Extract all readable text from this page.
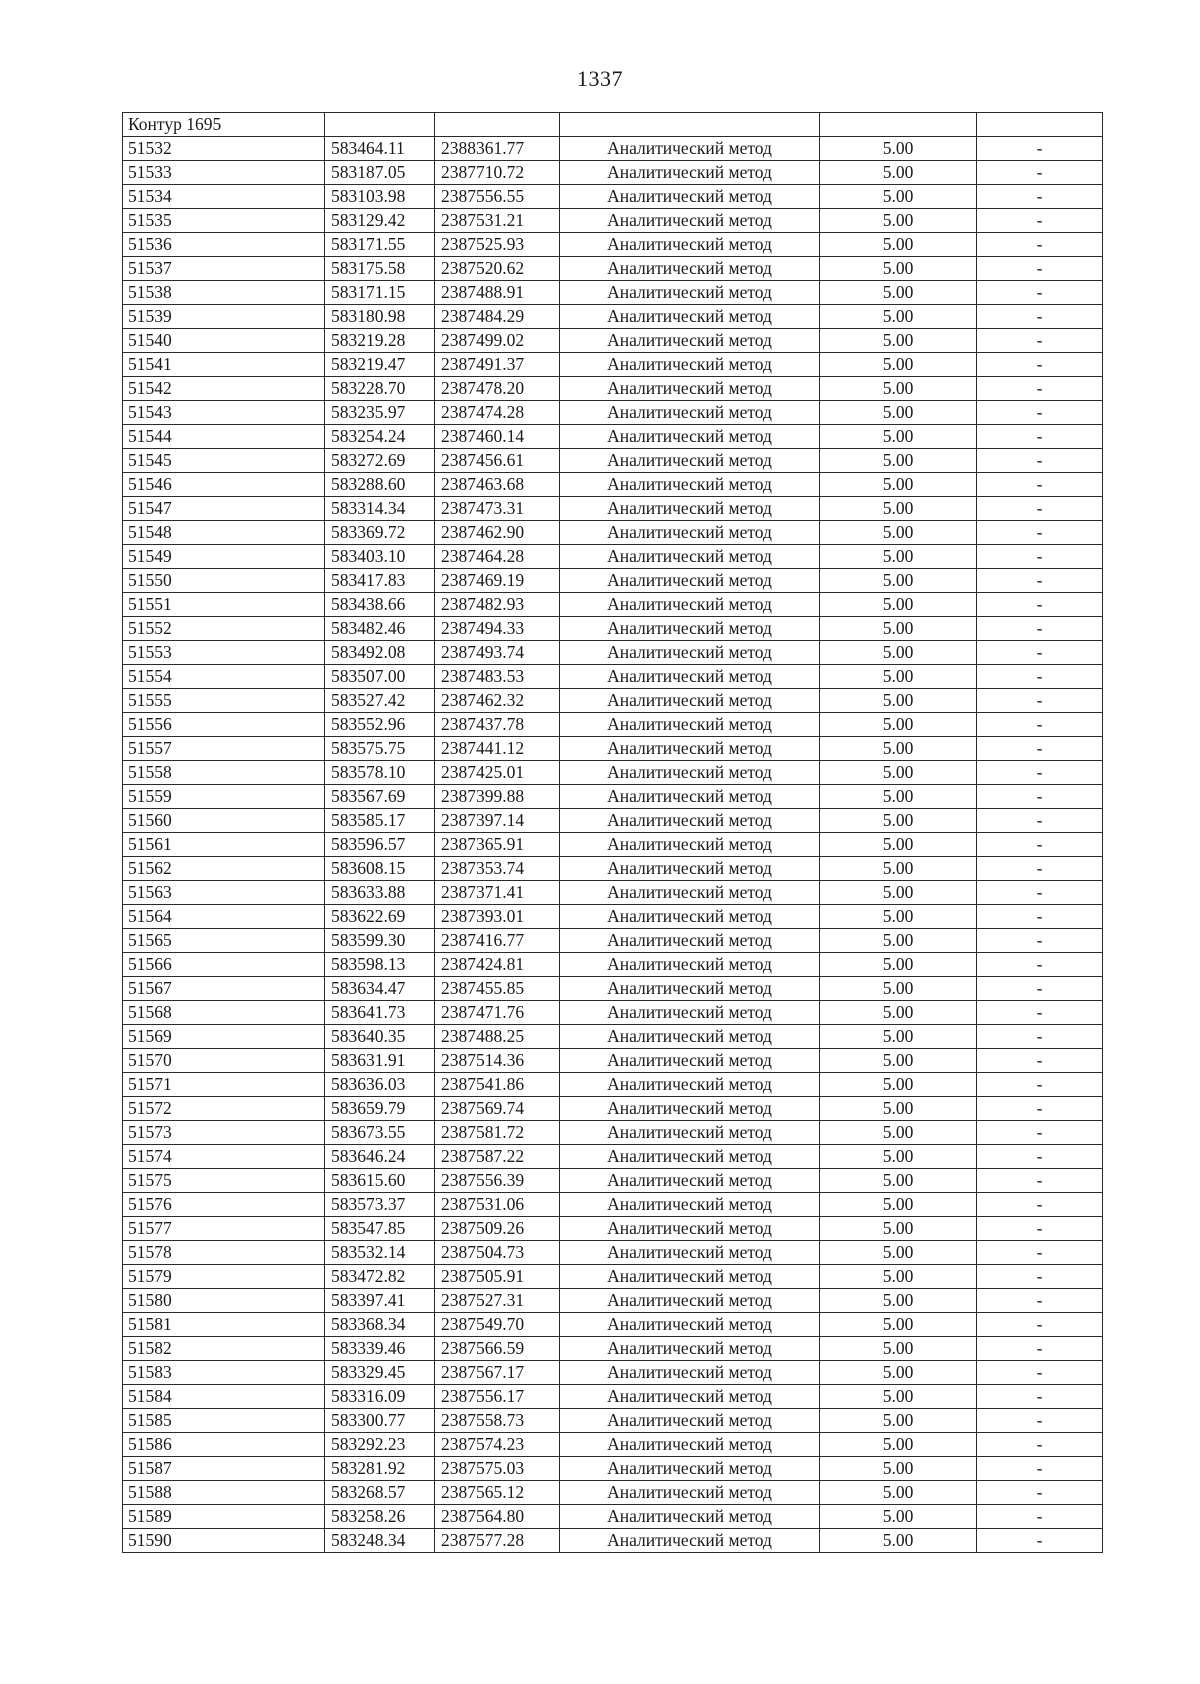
1337
Контур 1695					
51532	583464.11	2388361.77	Аналитический метод	5.00	-
51533	583187.05	2387710.72	Аналитический метод	5.00	-
51534	583103.98	2387556.55	Аналитический метод	5.00	-
51535	583129.42	2387531.21	Аналитический метод	5.00	-
51536	583171.55	2387525.93	Аналитический метод	5.00	-
51537	583175.58	2387520.62	Аналитический метод	5.00	-
51538	583171.15	2387488.91	Аналитический метод	5.00	-
51539	583180.98	2387484.29	Аналитический метод	5.00	-
51540	583219.28	2387499.02	Аналитический метод	5.00	-
51541	583219.47	2387491.37	Аналитический метод	5.00	-
51542	583228.70	2387478.20	Аналитический метод	5.00	-
51543	583235.97	2387474.28	Аналитический метод	5.00	-
51544	583254.24	2387460.14	Аналитический метод	5.00	-
51545	583272.69	2387456.61	Аналитический метод	5.00	-
51546	583288.60	2387463.68	Аналитический метод	5.00	-
51547	583314.34	2387473.31	Аналитический метод	5.00	-
51548	583369.72	2387462.90	Аналитический метод	5.00	-
51549	583403.10	2387464.28	Аналитический метод	5.00	-
51550	583417.83	2387469.19	Аналитический метод	5.00	-
51551	583438.66	2387482.93	Аналитический метод	5.00	-
51552	583482.46	2387494.33	Аналитический метод	5.00	-
51553	583492.08	2387493.74	Аналитический метод	5.00	-
51554	583507.00	2387483.53	Аналитический метод	5.00	-
51555	583527.42	2387462.32	Аналитический метод	5.00	-
51556	583552.96	2387437.78	Аналитический метод	5.00	-
51557	583575.75	2387441.12	Аналитический метод	5.00	-
51558	583578.10	2387425.01	Аналитический метод	5.00	-
51559	583567.69	2387399.88	Аналитический метод	5.00	-
51560	583585.17	2387397.14	Аналитический метод	5.00	-
51561	583596.57	2387365.91	Аналитический метод	5.00	-
51562	583608.15	2387353.74	Аналитический метод	5.00	-
51563	583633.88	2387371.41	Аналитический метод	5.00	-
51564	583622.69	2387393.01	Аналитический метод	5.00	-
51565	583599.30	2387416.77	Аналитический метод	5.00	-
51566	583598.13	2387424.81	Аналитический метод	5.00	-
51567	583634.47	2387455.85	Аналитический метод	5.00	-
51568	583641.73	2387471.76	Аналитический метод	5.00	-
51569	583640.35	2387488.25	Аналитический метод	5.00	-
51570	583631.91	2387514.36	Аналитический метод	5.00	-
51571	583636.03	2387541.86	Аналитический метод	5.00	-
51572	583659.79	2387569.74	Аналитический метод	5.00	-
51573	583673.55	2387581.72	Аналитический метод	5.00	-
51574	583646.24	2387587.22	Аналитический метод	5.00	-
51575	583615.60	2387556.39	Аналитический метод	5.00	-
51576	583573.37	2387531.06	Аналитический метод	5.00	-
51577	583547.85	2387509.26	Аналитический метод	5.00	-
51578	583532.14	2387504.73	Аналитический метод	5.00	-
51579	583472.82	2387505.91	Аналитический метод	5.00	-
51580	583397.41	2387527.31	Аналитический метод	5.00	-
51581	583368.34	2387549.70	Аналитический метод	5.00	-
51582	583339.46	2387566.59	Аналитический метод	5.00	-
51583	583329.45	2387567.17	Аналитический метод	5.00	-
51584	583316.09	2387556.17	Аналитический метод	5.00	-
51585	583300.77	2387558.73	Аналитический метод	5.00	-
51586	583292.23	2387574.23	Аналитический метод	5.00	-
51587	583281.92	2387575.03	Аналитический метод	5.00	-
51588	583268.57	2387565.12	Аналитический метод	5.00	-
51589	583258.26	2387564.80	Аналитический метод	5.00	-
51590	583248.34	2387577.28	Аналитический метод	5.00	-
